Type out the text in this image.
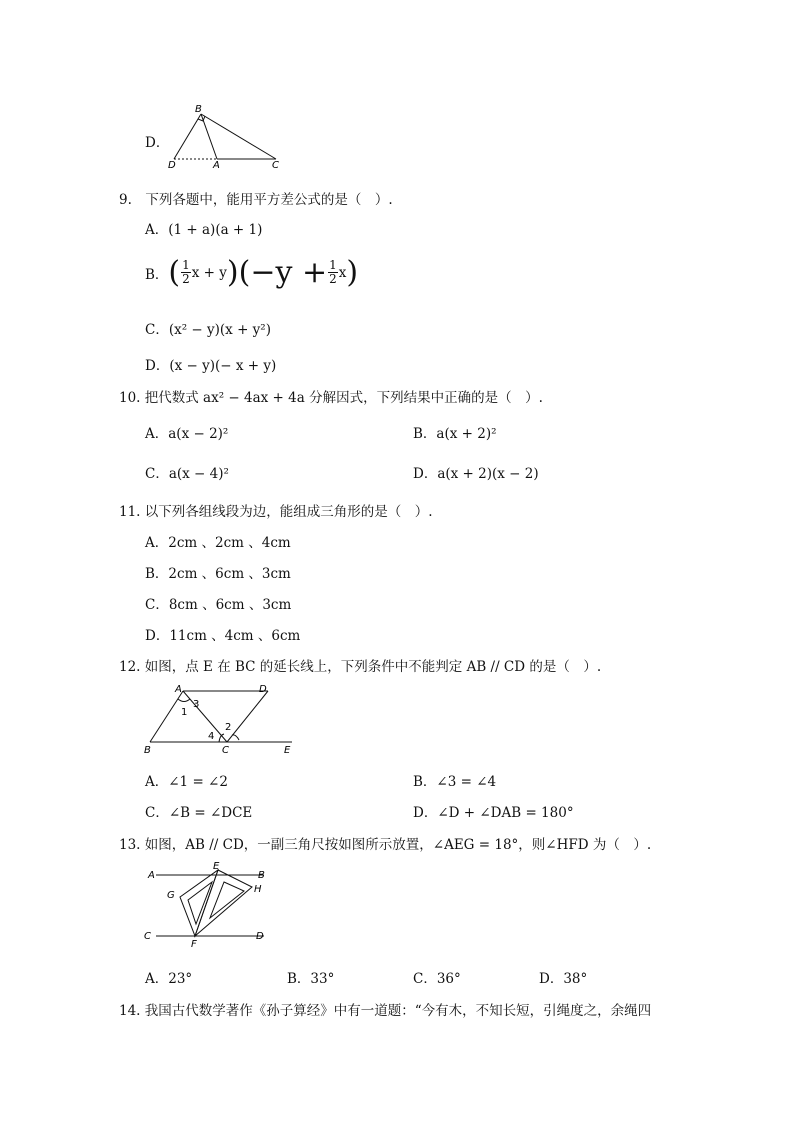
D．
B
D	A	C
9.　下列各题中，能用平方差公式的是（　）.
A．(1 + a)(a + 1)
B． ( $\frac{1}{2}$ x + y )($-y + \frac{1}{2}$ x )
C．(x² − y)(x + y²)
D．(x − y)(− x + y)
10. 把代数式 ax² − 4ax + 4a 分解因式，下列结果中正确的是（　）.
A．a(x − 2)²	B．a(x + 2)²
C．a(x − 4)²	D．a(x + 2)(x − 2)
11. 以下列各组线段为边，能组成三角形的是（　）.
A．2cm 、2cm 、4cm
B．2cm 、6cm 、3cm
C．8cm 、6cm 、3cm
D．11cm 、4cm 、6cm
12. 如图，点 E 在 BC 的延长线上，下列条件中不能判定 AB // CD 的是（　）.
A	D
B	C	E
1
2
3
4
A．∠1 = ∠2	B．∠3 = ∠4
C．∠B = ∠DCE	D．∠D + ∠DAB = 180°
13. 如图，AB // CD，一副三角尺按如图所示放置，∠AEG = 18°，则∠HFD 为（　）.
A
E
B
G
H
C
F
D
A．23°	B．33°	C．36°	D．38°
14. 我国古代数学著作《孙子算经》中有一道题：“今有木，不知长短，引绳度之，余绳四
